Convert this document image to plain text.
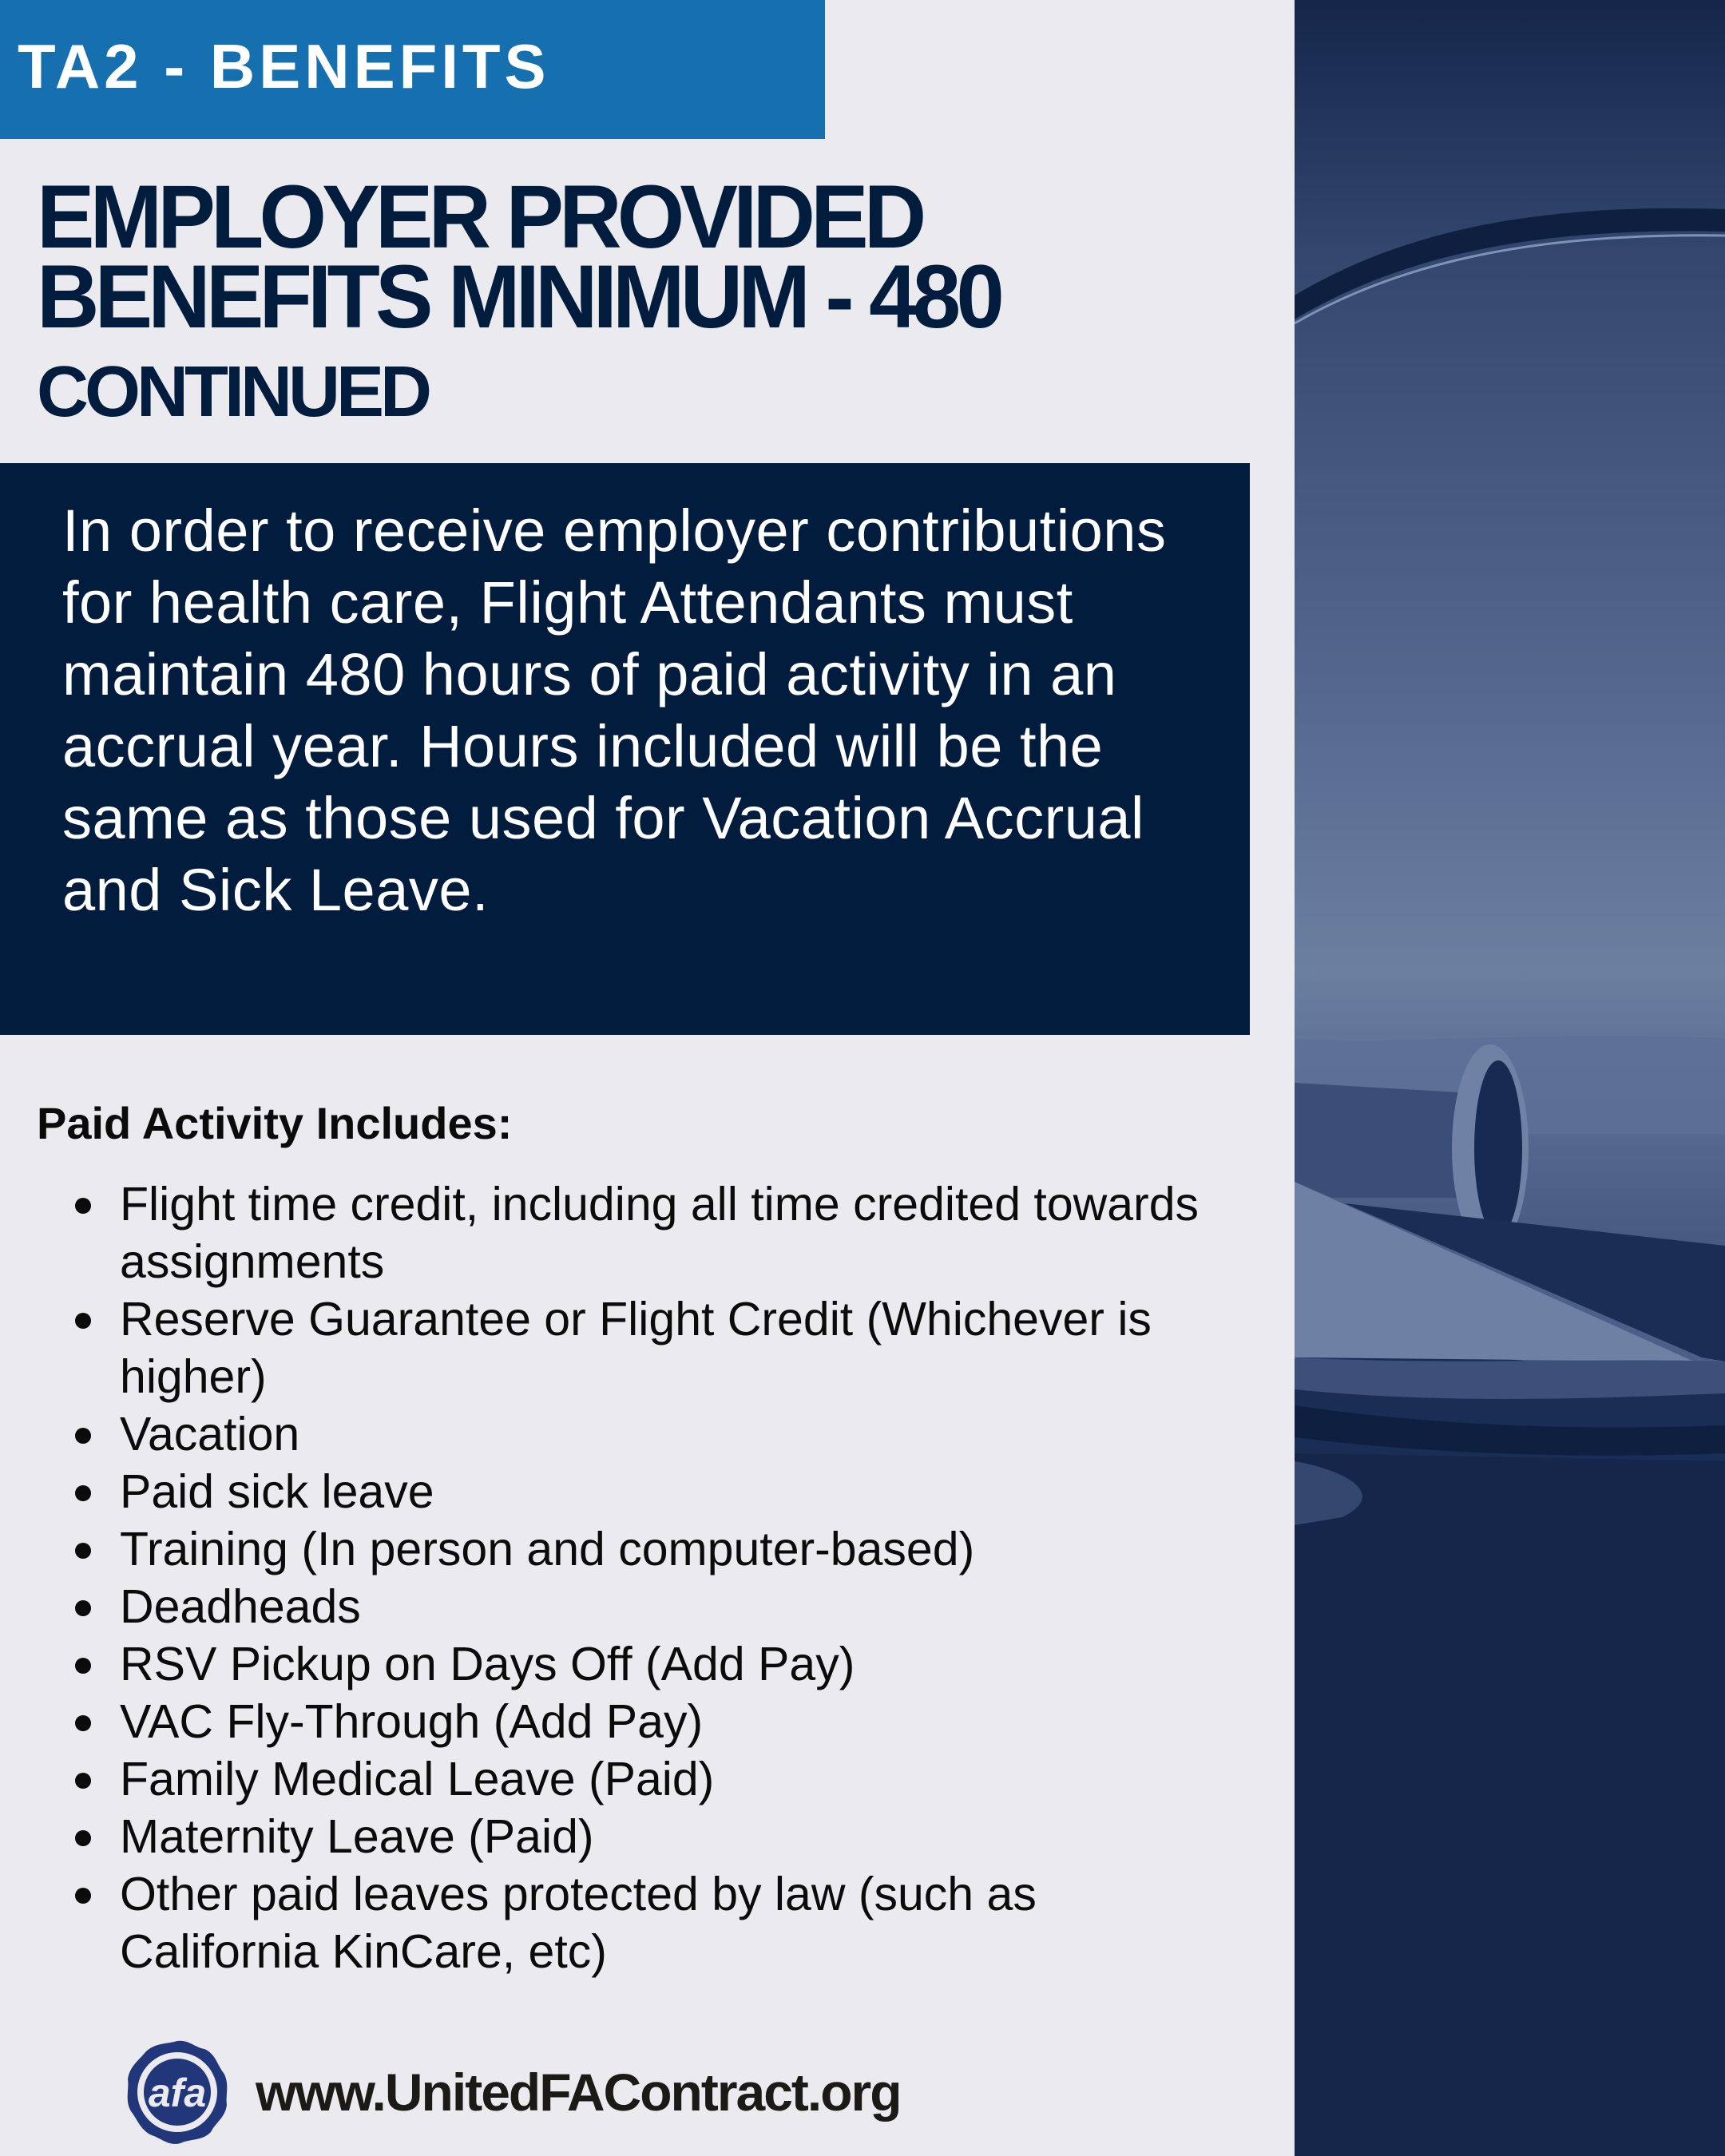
TA2 - BENEFITS
EMPLOYER PROVIDED
BENEFITS MINIMUM - 480
CONTINUED
In order to receive employer contributions for health care, Flight Attendants must maintain 480 hours of paid activity in an accrual year. Hours included will be the same as those used for Vacation Accrual and Sick Leave.
Paid Activity Includes:
Flight time credit, including all time credited towards assignments
Reserve Guarantee or Flight Credit (Whichever is higher)
Vacation
Paid sick leave
Training (In person and computer-based)
Deadheads
RSV Pickup on Days Off (Add Pay)
VAC Fly-Through (Add Pay)
Family Medical Leave (Paid)
Maternity Leave (Paid)
Other paid leaves protected by law (such as California KinCare, etc)
afa www.UnitedFAContract.org
